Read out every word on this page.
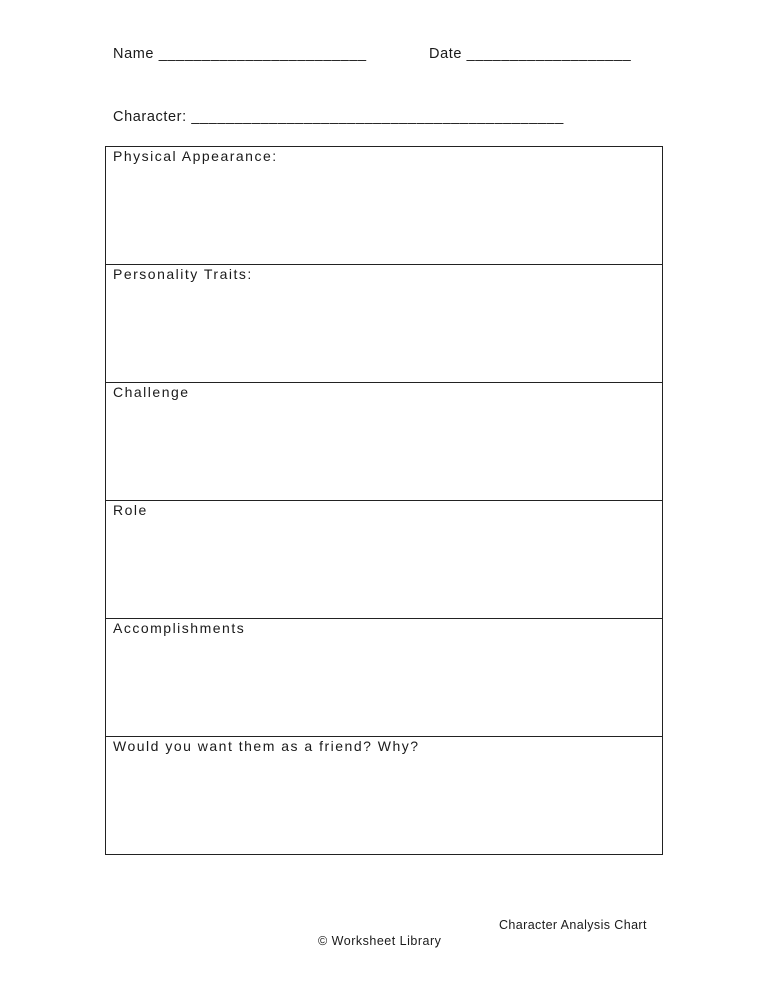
Name ________________________	Date ___________________
Character: ___________________________________________
Physical Appearance:
Personality Traits:
Challenge
Role
Accomplishments
Would you want them as a friend? Why?
Character Analysis Chart
© Worksheet Library
